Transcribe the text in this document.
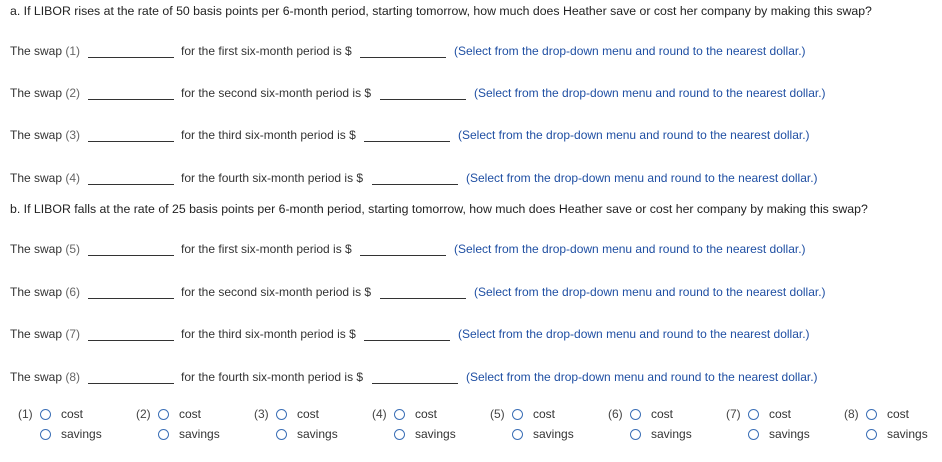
a. If LIBOR rises at the rate of 50 basis points per 6-month period, starting tomorrow, how much does Heather save or cost her company by making this swap?
The swap (1)	for the first six-month period is $	(Select from the drop-down menu and round to the nearest dollar.)
The swap (2)	for the second six-month period is $	(Select from the drop-down menu and round to the nearest dollar.)
The swap (3)	for the third six-month period is $	(Select from the drop-down menu and round to the nearest dollar.)
The swap (4)	for the fourth six-month period is $	(Select from the drop-down menu and round to the nearest dollar.)
b. If LIBOR falls at the rate of 25 basis points per 6-month period, starting tomorrow, how much does Heather save or cost her company by making this swap?
The swap (5)	for the first six-month period is $	(Select from the drop-down menu and round to the nearest dollar.)
The swap (6)	for the second six-month period is $	(Select from the drop-down menu and round to the nearest dollar.)
The swap (7)	for the third six-month period is $	(Select from the drop-down menu and round to the nearest dollar.)
The swap (8)	for the fourth six-month period is $	(Select from the drop-down menu and round to the nearest dollar.)
(1) cost
savings
(2) cost
savings
(3) cost
savings
(4) cost
savings
(5) cost
savings
(6) cost
savings
(7) cost
savings
(8) cost
savings
